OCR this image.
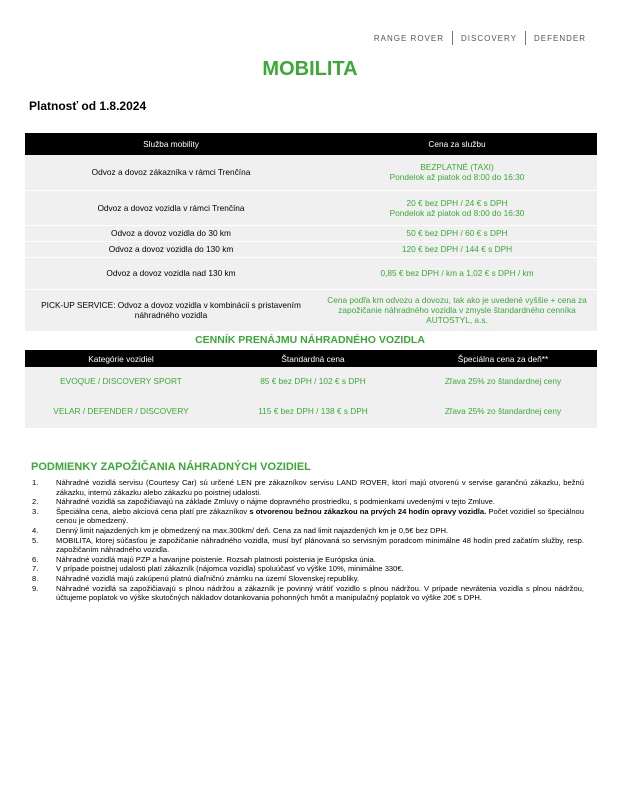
RANGE ROVER DISCOVERY DEFENDER
MOBILITA
Platnosť od 1.8.2024
Služba mobility	Cena za službu
Odvoz a dovoz zákazníka v rámci Trenčína	BEZPLATNÉ (TAXI)
Pondelok až piatok od 8:00 do 16:30

Odvoz a dovoz vozidla v rámci Trenčína	20 € bez DPH / 24 € s DPH
Pondelok až piatok od 8:00 do 16:30

Odvoz a dovoz vozidla do 30 km	50 € bez DPH / 60 € s DPH
Odvoz a dovoz vozidla do 130 km	120 € bez DPH / 144 € s DPH
Odvoz a dovoz vozidla nad 130 km	0,85 € bez DPH / km a 1,02 € s DPH / km
PICK-UP SERVICE: Odvoz a dovoz vozidla v kombinácii s pristavením náhradného vozidla	Cena podľa km odvozu a dovozu, tak ako je uvedené vyššie + cena za zapožičanie náhradného vozidla v zmysle štandardného cenníka AUTOSTYL, a.s.
CENNÍK PRENÁJMU NÁHRADNÉHO VOZIDLA
Kategórie vozidiel	Štandardná cena	Špeciálna cena za deň**
EVOQUE / DISCOVERY SPORT	85 € bez DPH / 102 € s DPH	Zľava 25% zo štandardnej ceny
VELAR / DEFENDER / DISCOVERY	115 € bez DPH / 138 € s DPH	Zľava 25% zo štandardnej ceny
PODMIENKY ZAPOŽIČANIA NÁHRADNÝCH VOZIDIEL
1. Náhradné vozidlá servisu (Courtesy Car) sú určené LEN pre zákazníkov servisu LAND ROVER, ktorí majú otvorenú v servise garančnú zákazku, bežnú zákazku, internú zákazku alebo zákazku po poistnej udalosti.
2. Náhradné vozidlá sa zapožičiavajú na základe Zmluvy o nájme dopravného prostriedku, s podmienkami uvedenými v tejto Zmluve.
3. Špeciálna cena, alebo akciová cena platí pre zákazníkov s otvorenou bežnou zákazkou na prvých 24 hodín opravy vozidla. Počet vozidiel so špeciálnou cenou je obmedzený.
4. Denný limit najazdených km je obmedzený na max.300km/ deň. Cena za nad limit najazdených km je 0,5€ bez DPH.
5. MOBILITA, ktorej súčasťou je zapožičanie náhradného vozidla, musí byť plánovaná so servisným poradcom minimálne 48 hodín pred začatím služby, resp. zapožičaním náhradného vozidla.
6. Náhradné vozidlá majú PZP a havarijne poistenie. Rozsah platnosti poistenia je Európska únia.
7. V prípade poistnej udalosti platí zákazník (nájomca vozidla) spoluúčasť vo výške 10%, minimálne 330€.
8. Náhradné vozidlá majú zakúpenú platnú diaľničnú známku na území Slovenskej republiky.
9. Náhradné vozidlá sa zapožičiavajú s plnou nádržou a zákazník je povinný vrátiť vozidlo s plnou nádržou. V prípade nevrátenia vozidla s plnou nádržou, účtujeme poplatok vo výške skutočných nákladov dotankovania pohonných hmôt a manipulačný poplatok vo výške 20€ s DPH.
